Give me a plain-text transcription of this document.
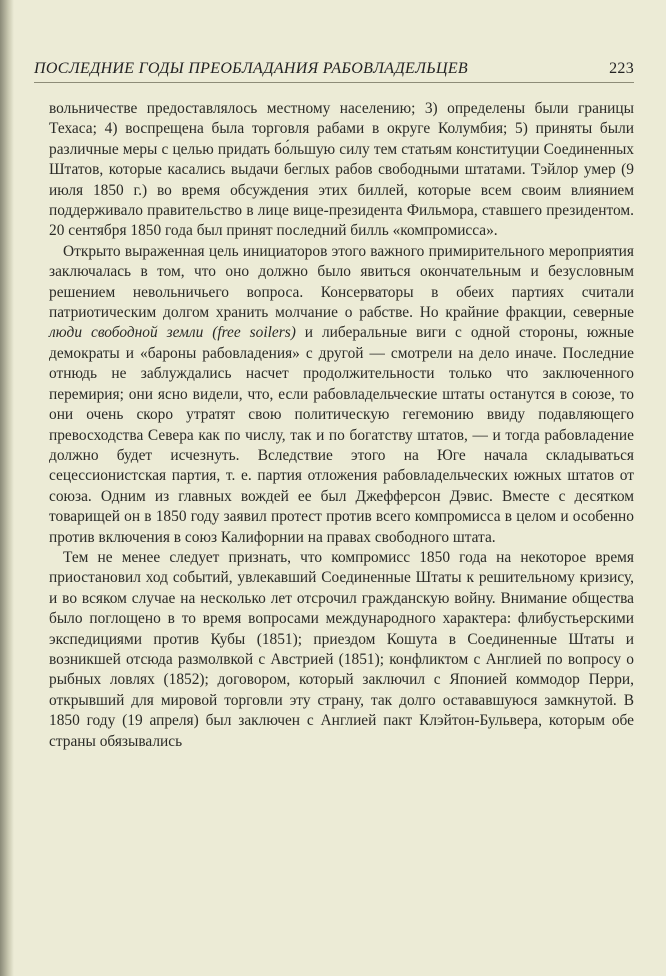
ПОСЛЕДНИЕ ГОДЫ ПРЕОБЛАДАНИЯ РАБОВЛАДЕЛЬЦЕВ	223

вольничестве предоставлялось местному населению; 3) определены были границы Техаса; 4) воспрещена была торговля рабами в округе Колумбия; 5) приняты были различные меры с целью придать бо́льшую силу тем статьям конституции Соединенных Штатов, которые касались выдачи беглых рабов свободными штатами. Тэйлор умер (9 июля 1850 г.) во время обсуждения этих биллей, которые всем своим влиянием поддерживало правительство в лице вице-президента Фильмора, ставшего президентом. 20 сентября 1850 года был принят последний билль «компромисса».

Открыто выраженная цель инициаторов этого важного примирительного мероприятия заключалась в том, что оно должно было явиться окончательным и безусловным решением невольничьего вопроса. Консерваторы в обеих партиях считали патриотическим долгом хранить молчание о рабстве. Но крайние фракции, северные люди свободной земли (free soilers) и либеральные виги с одной стороны, южные демократы и «бароны рабовладения» с другой — смотрели на дело иначе. Последние отнюдь не заблуждались насчет продолжительности только что заключенного перемирия; они ясно видели, что, если рабовладельческие штаты останутся в союзе, то они очень скоро утратят свою политическую гегемонию ввиду подавляющего превосходства Севера как по числу, так и по богатству штатов, — и тогда рабовладение должно будет исчезнуть. Вследствие этого на Юге начала складываться сецессионистская партия, т. е. партия отложения рабовладельческих южных штатов от союза. Одним из главных вождей ее был Джефферсон Дэвис. Вместе с десятком товарищей он в 1850 году заявил протест против всего компромисса в целом и особенно против включения в союз Калифорнии на правах свободного штата.

Тем не менее следует признать, что компромисс 1850 года на некоторое время приостановил ход событий, увлекавший Соединенные Штаты к решительному кризису, и во всяком случае на несколько лет отсрочил гражданскую войну. Внимание общества было поглощено в то время вопросами международного характера: флибустьерскими экспедициями против Кубы (1851); приездом Кошута в Соединенные Штаты и возникшей отсюда размолвкой с Австрией (1851); конфликтом с Англией по вопросу о рыбных ловлях (1852); договором, который заключил с Японией коммодор Перри, открывший для мировой торговли эту страну, так долго остававшуюся замкнутой. В 1850 году (19 апреля) был заключен с Англией пакт Клэйтон-Бульвера, которым обе страны обязывались
